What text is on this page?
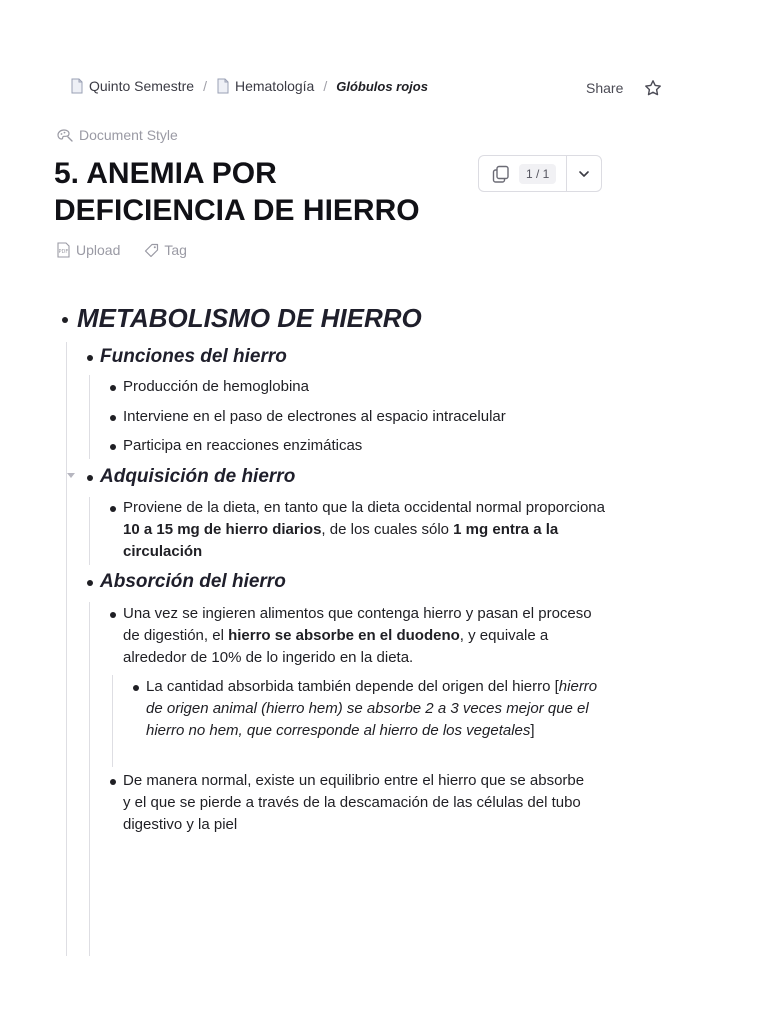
Quinto Semestre / Hematología / Glóbulos rojos	Share
Document Style
5. ANEMIA POR
DEFICIENCIA DE HIERRO
1 / 1
PDF Upload	Tag
METABOLISMO DE HIERRO
Funciones del hierro
Producción de hemoglobina
Interviene en el paso de electrones al espacio intracelular
Participa en reacciones enzimáticas
Adquisición de hierro
Proviene de la dieta, en tanto que la dieta occidental normal proporciona 10 a 15 mg de hierro diarios, de los cuales sólo 1 mg entra a la circulación
Absorción del hierro
Una vez se ingieren alimentos que contenga hierro y pasan el proceso de digestión, el hierro se absorbe en el duodeno, y equivale a alrededor de 10% de lo ingerido en la dieta.
La cantidad absorbida también depende del origen del hierro [hierro de origen animal (hierro hem) se absorbe 2 a 3 veces mejor que el hierro no hem, que corresponde al hierro de los vegetales]
De manera normal, existe un equilibrio entre el hierro que se absorbe y el que se pierde a través de la descamación de las células del tubo digestivo y la piel
